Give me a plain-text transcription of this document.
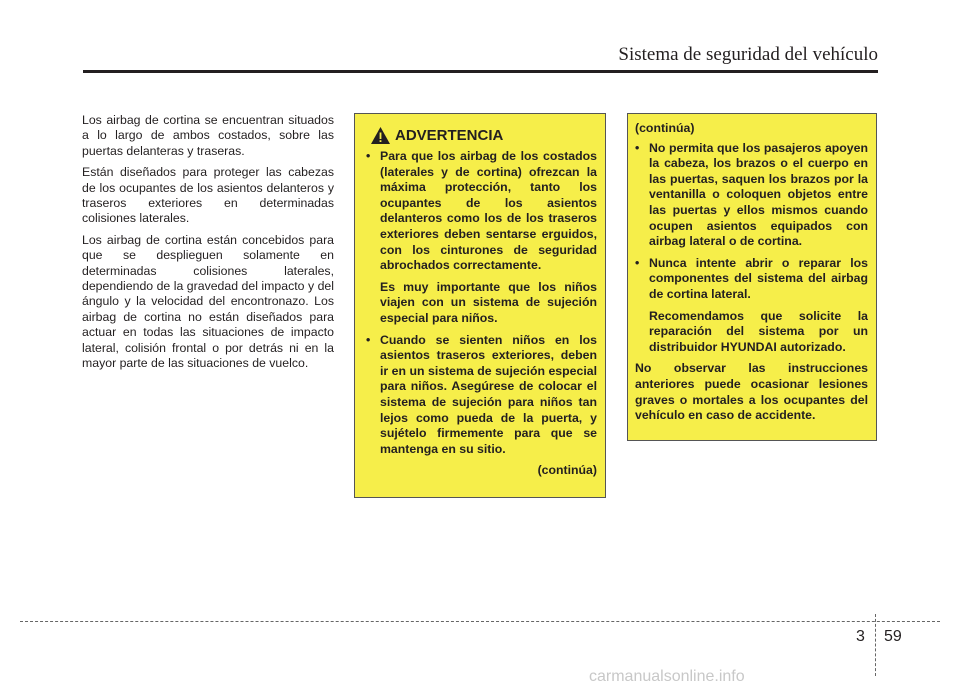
Sistema de seguridad del vehículo

Los airbag de cortina se encuentran situados a lo largo de ambos costados, sobre las puertas delanteras y traseras.

Están diseñados para proteger las cabezas de los ocupantes de los asientos delanteros y traseros exteriores en determinadas colisiones laterales.

Los airbag de cortina están concebidos para que se desplieguen solamente en determinadas colisiones laterales, dependiendo de la gravedad del impacto y del ángulo y la velocidad del encontronazo. Los airbag de cortina no están diseñados para actuar en todas las situaciones de impacto lateral, colisión frontal o por detrás ni en la mayor parte de las situaciones de vuelco.

ADVERTENCIA
• Para que los airbag de los costados (laterales y de cortina) ofrezcan la máxima protección, tanto los ocupantes de los asientos delanteros como los de los traseros exteriores deben sentarse erguidos, con los cinturones de seguridad abrochados correctamente.
Es muy importante que los niños viajen con un sistema de sujeción especial para niños.
• Cuando se sienten niños en los asientos traseros exteriores, deben ir en un sistema de sujeción especial para niños. Asegúrese de colocar el sistema de sujeción para niños tan lejos como pueda de la puerta, y sujételo firmemente para que se mantenga en su sitio.
(continúa)
(continúa)
• No permita que los pasajeros apoyen la cabeza, los brazos o el cuerpo en las puertas, saquen los brazos por la ventanilla o coloquen objetos entre las puertas y ellos mismos cuando ocupen asientos equipados con airbag lateral o de cortina.
• Nunca intente abrir o reparar los componentes del sistema del airbag de cortina lateral.
Recomendamos que solicite la reparación del sistema por un distribuidor HYUNDAI autorizado.
No observar las instrucciones anteriores puede ocasionar lesiones graves o mortales a los ocupantes del vehículo en caso de accidente.
3 59
carmanualsonline.info
